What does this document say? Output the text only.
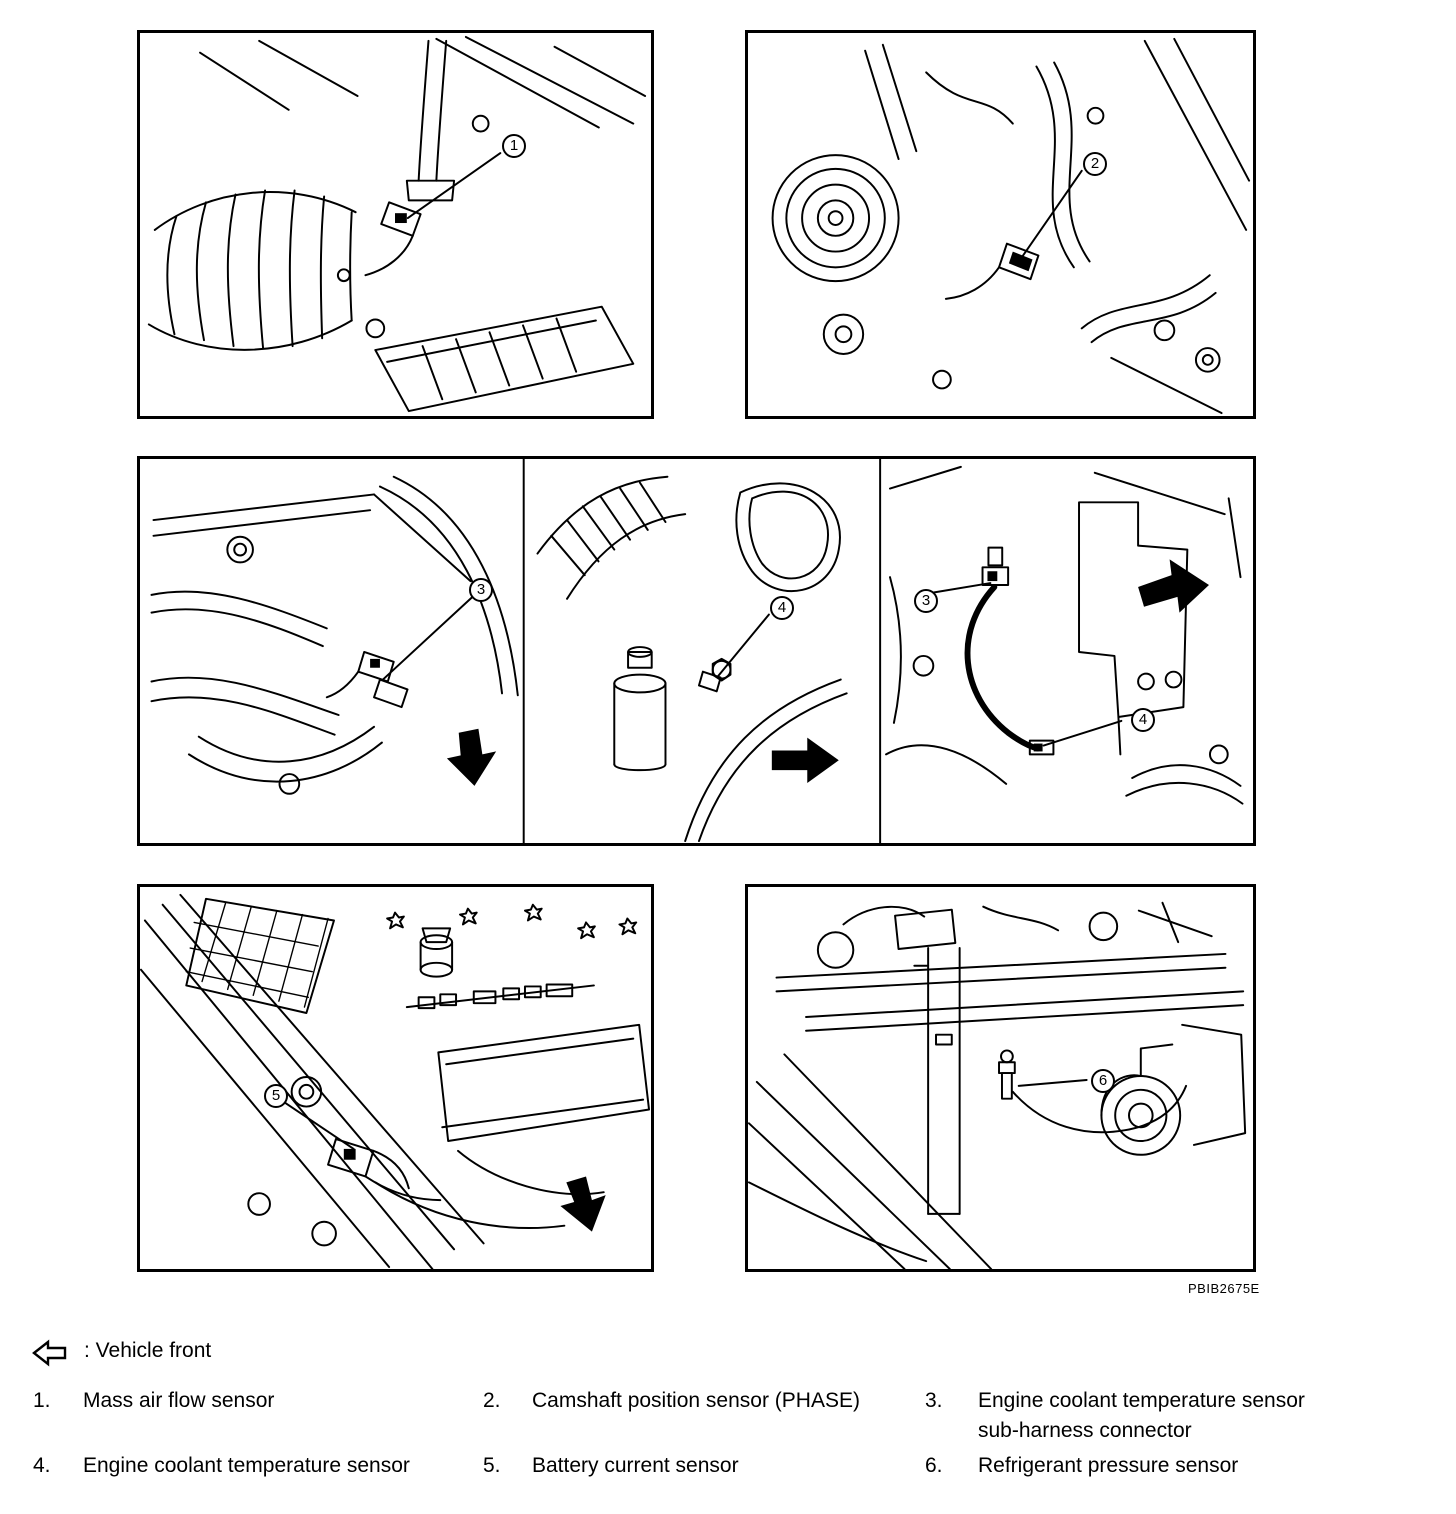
1
2
3
4	3
4
5
6
PBIB2675E
: Vehicle front
1. Mass air flow sensor	2. Camshaft position sensor (PHASE)	3. Engine coolant temperature sensor
sub-harness connector
4. Engine coolant temperature sensor	5. Battery current sensor	6. Refrigerant pressure sensor
